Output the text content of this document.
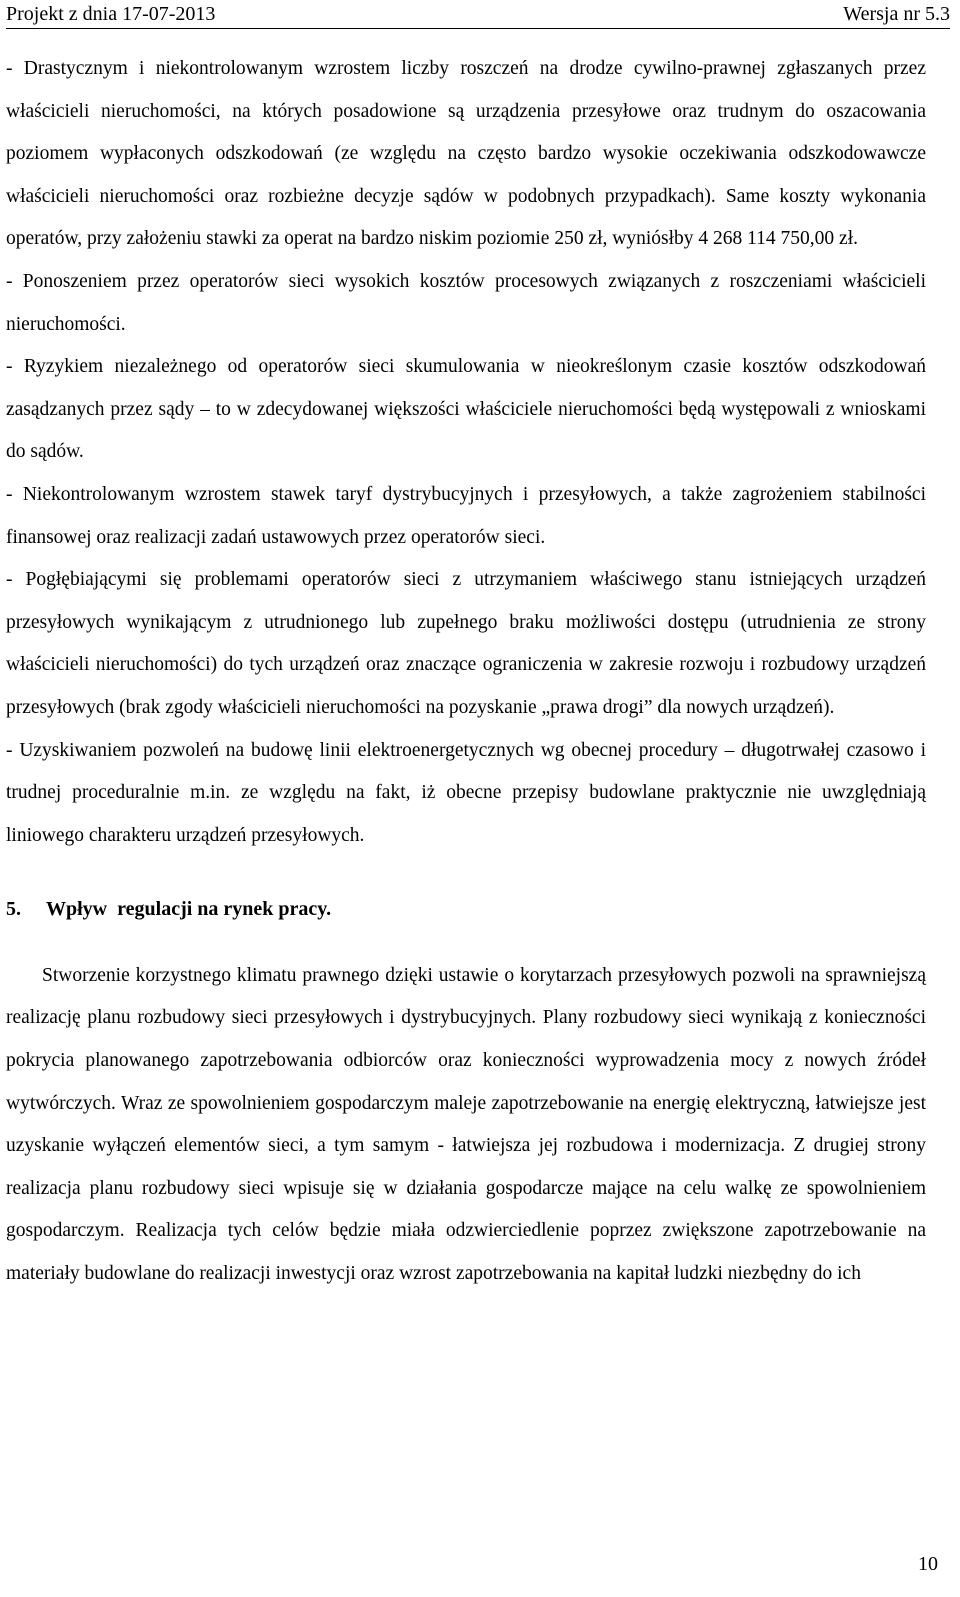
Projekt z dnia 17-07-2013	Wersja nr 5.3

- Drastycznym i niekontrolowanym wzrostem liczby roszczeń na drodze cywilno-prawnej zgłaszanych przez właścicieli nieruchomości, na których posadowione są urządzenia przesyłowe oraz trudnym do oszacowania poziomem wypłaconych odszkodowań (ze względu na często bardzo wysokie oczekiwania odszkodowawcze właścicieli nieruchomości oraz rozbieżne decyzje sądów w podobnych przypadkach). Same koszty wykonania operatów, przy założeniu stawki za operat na bardzo niskim poziomie 250 zł, wyniósłby 4 268 114 750,00 zł.

- Ponoszeniem przez operatorów sieci wysokich kosztów procesowych związanych z roszczeniami właścicieli nieruchomości.

- Ryzykiem niezależnego od operatorów sieci skumulowania w nieokreślonym czasie kosztów odszkodowań zasądzanych przez sądy – to w zdecydowanej większości właściciele nieruchomości będą występowali z wnioskami do sądów.

- Niekontrolowanym wzrostem stawek taryf dystrybucyjnych i przesyłowych, a także zagrożeniem stabilności finansowej oraz realizacji zadań ustawowych przez operatorów sieci.

- Pogłębiającymi się problemami operatorów sieci z utrzymaniem właściwego stanu istniejących urządzeń przesyłowych wynikającym z utrudnionego lub zupełnego braku możliwości dostępu (utrudnienia ze strony właścicieli nieruchomości) do tych urządzeń oraz znaczące ograniczenia w zakresie rozwoju i rozbudowy urządzeń przesyłowych (brak zgody właścicieli nieruchomości na pozyskanie „prawa drogi” dla nowych urządzeń).

- Uzyskiwaniem pozwoleń na budowę linii elektroenergetycznych wg obecnej procedury – długotrwałej czasowo i trudnej proceduralnie m.in. ze względu na fakt, iż obecne przepisy budowlane praktycznie nie uwzględniają liniowego charakteru urządzeń przesyłowych.

5. Wpływ  regulacji na rynek pracy.

Stworzenie korzystnego klimatu prawnego dzięki ustawie o korytarzach przesyłowych pozwoli na sprawniejszą realizację planu rozbudowy sieci przesyłowych i dystrybucyjnych. Plany rozbudowy sieci wynikają z konieczności pokrycia planowanego zapotrzebowania odbiorców oraz konieczności wyprowadzenia mocy z nowych źródeł wytwórczych. Wraz ze spowolnieniem gospodarczym maleje zapotrzebowanie na energię elektryczną, łatwiejsze jest uzyskanie wyłączeń elementów sieci, a tym samym - łatwiejsza jej rozbudowa i modernizacja. Z drugiej strony realizacja planu rozbudowy sieci wpisuje się w działania gospodarcze mające na celu walkę ze spowolnieniem gospodarczym. Realizacja tych celów będzie miała odzwierciedlenie poprzez zwiększone zapotrzebowanie na materiały budowlane do realizacji inwestycji oraz wzrost zapotrzebowania na kapitał ludzki niezbędny do ich

10
